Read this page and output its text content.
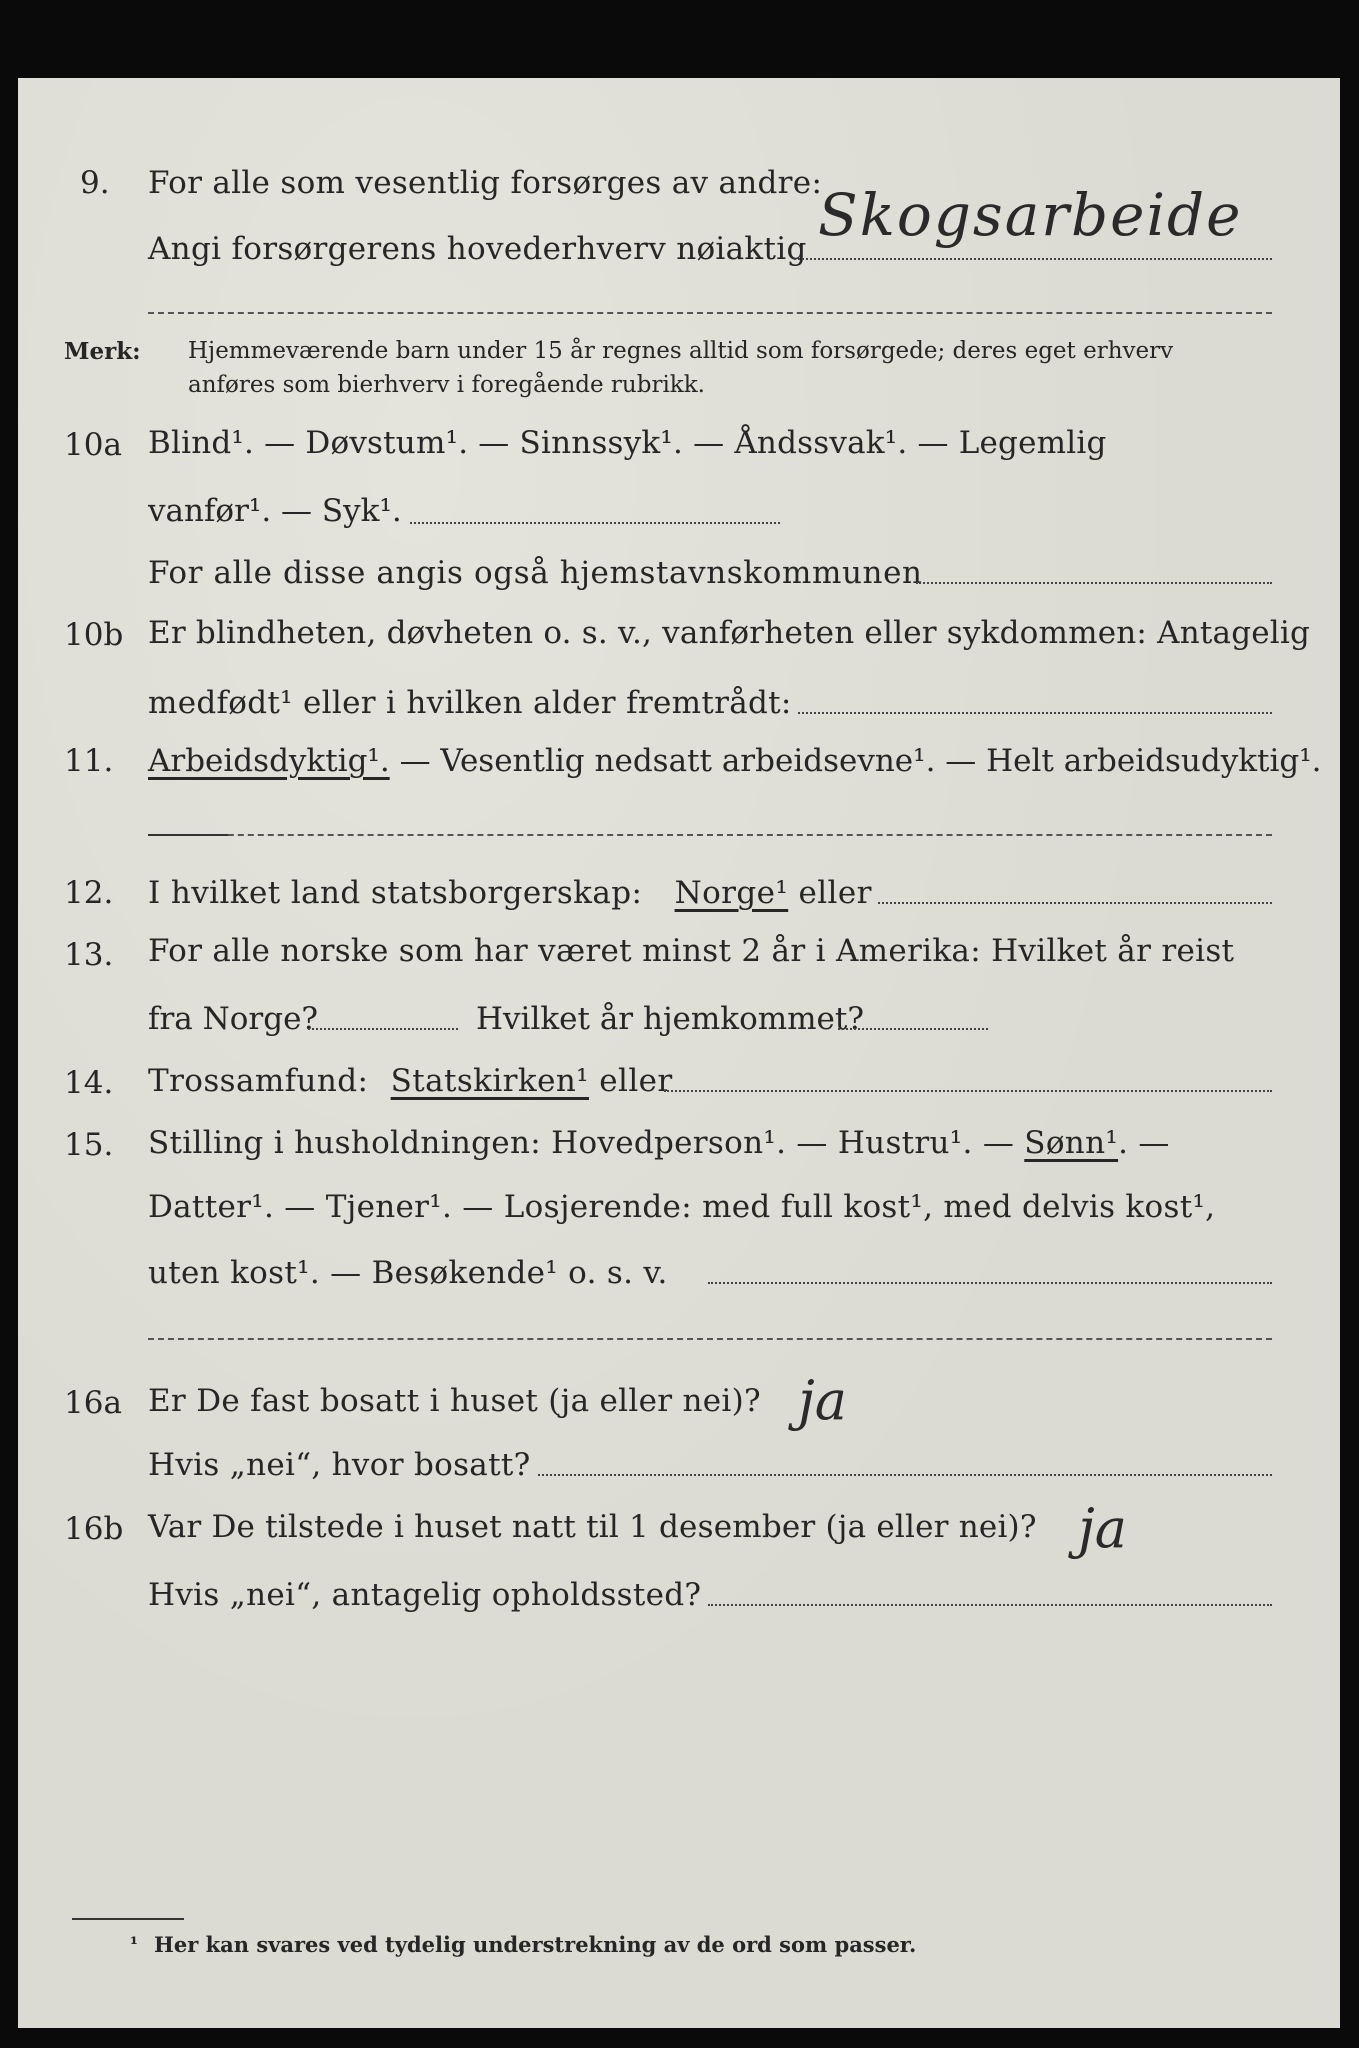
9. For alle som vesentlig forsørges av andre:
Angi forsørgerens hovederhverv nøiaktig Skogsarbeide
Merk: Hjemmeværende barn under 15 år regnes alltid som forsørgede; deres eget erhverv
anføres som bierhverv i foregående rubrikk.
10a Blind¹. — Døvstum¹. — Sinnssyk¹. — Åndssvak¹. — Legemlig
vanfør¹. — Syk¹.
For alle disse angis også hjemstavnskommunen
10b Er blindheten, døvheten o. s. v., vanførheten eller sykdommen: Antagelig
medfødt¹ eller i hvilken alder fremtrådt:
11. Arbeidsdyktig¹. — Vesentlig nedsatt arbeidsevne¹. — Helt arbeidsudyktig¹.
12. I hvilket land statsborgerskap: Norge¹ eller
13. For alle norske som har været minst 2 år i Amerika: Hvilket år reist
fra Norge?	Hvilket år hjemkommet?
14. Trossamfund: Statskirken¹ eller
15. Stilling i husholdningen: Hovedperson¹. — Hustru¹. — Sønn¹. —
Datter¹. — Tjener¹. — Losjerende: med full kost¹, med delvis kost¹,
uten kost¹. — Besøkende¹ o. s. v.
16a Er De fast bosatt i huset (ja eller nei)? ja
Hvis „nei“, hvor bosatt?
16b Var De tilstede i huset natt til 1 desember (ja eller nei)? ja
Hvis „nei“, antagelig opholdssted?
¹ Her kan svares ved tydelig understrekning av de ord som passer.
